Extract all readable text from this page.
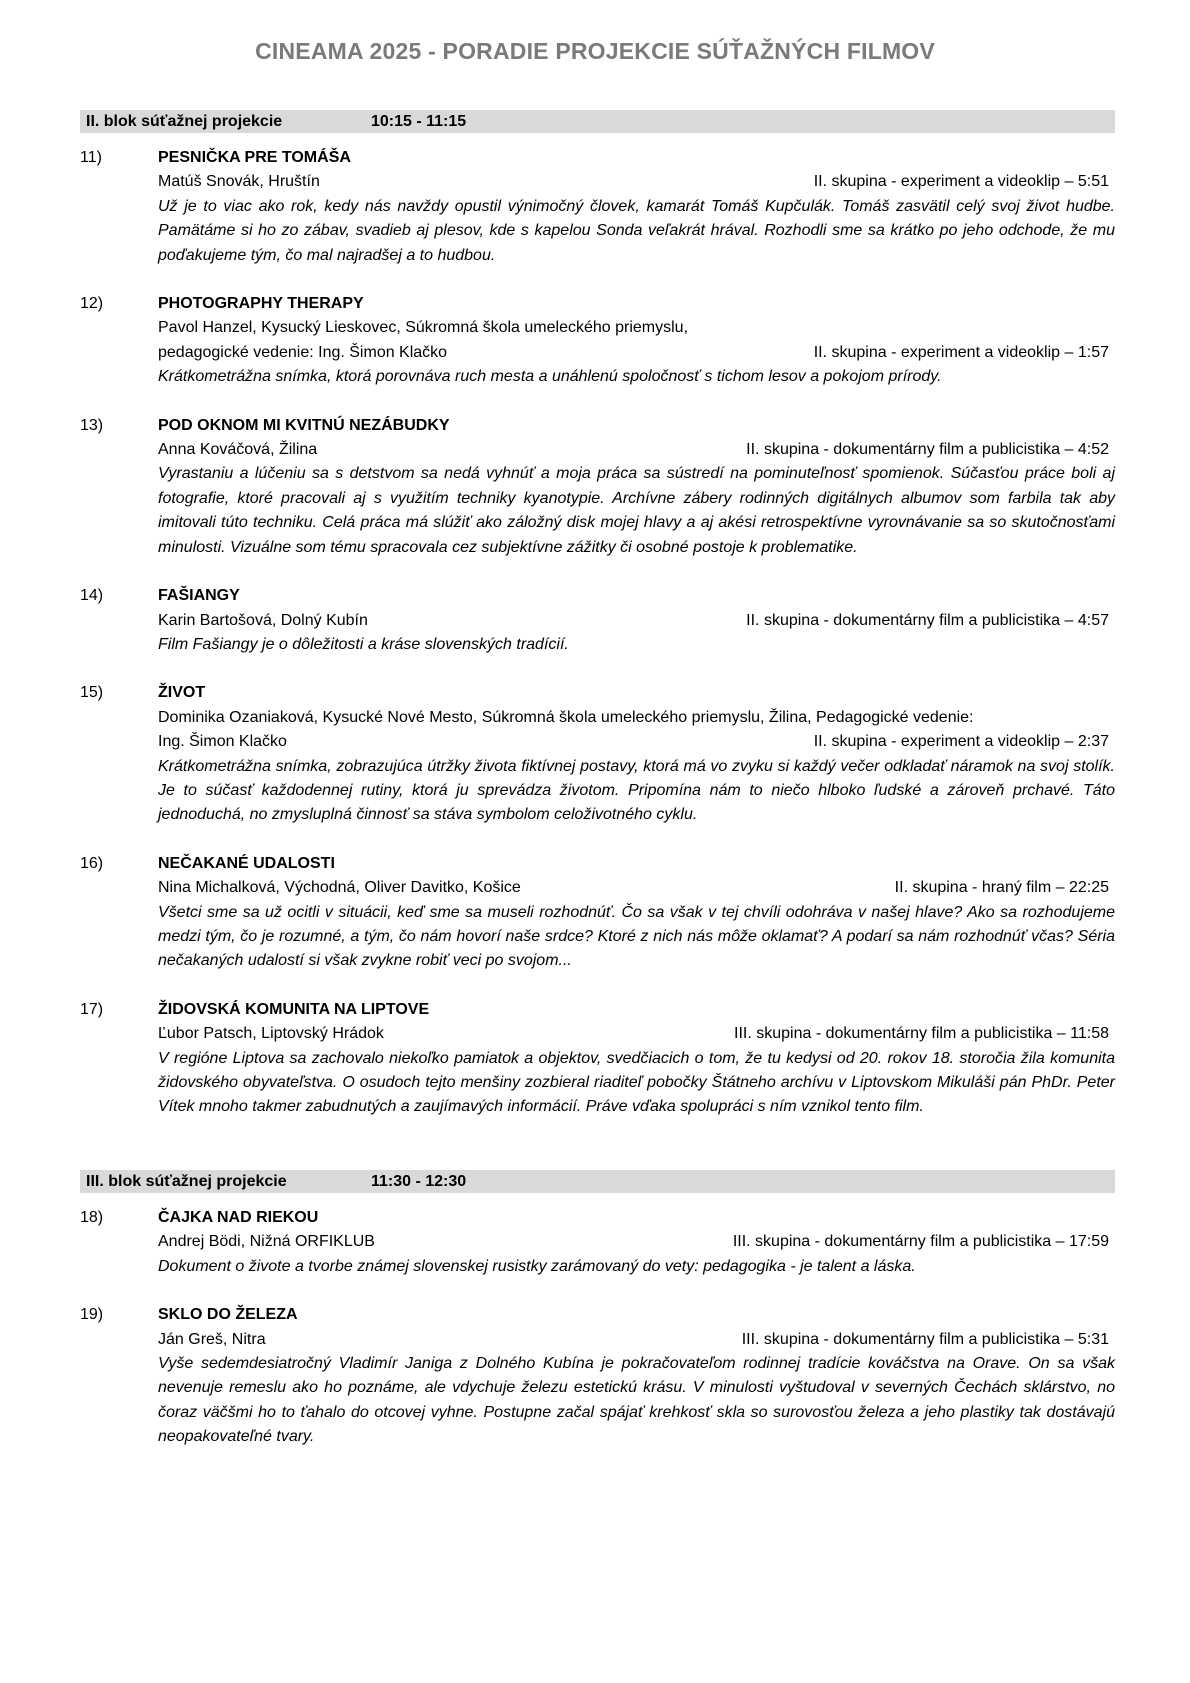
CINEAMA 2025 - PORADIE PROJEKCIE SÚŤAŽNÝCH FILMOV
II. blok súťažnej projekcie	10:15 - 11:15
11)	PESNIČKA PRE TOMÁŠA
Matúš Snovák, Hruštín	II. skupina - experiment a videoklip – 5:51
Už je to viac ako rok, kedy nás navždy opustil výnimočný človek, kamarát Tomáš Kupčulák. Tomáš zasvätil celý svoj život hudbe. Pamätáme si ho zo zábav, svadieb aj plesov, kde s kapelou Sonda veľakrát hrával. Rozhodli sme sa krátko po jeho odchode, že mu poďakujeme tým, čo mal najradšej a to hudbou.
12)	PHOTOGRAPHY THERAPY
Pavol Hanzel, Kysucký Lieskovec, Súkromná škola umeleckého priemyslu,
pedagogické vedenie: Ing. Šimon Klačko	II. skupina - experiment a videoklip – 1:57
Krátkometrážna snímka, ktorá porovnáva ruch mesta a unáhlenú spoločnosť s tichom lesov a pokojom prírody.
13)	POD OKNOM MI KVITNÚ NEZÁBUDKY
Anna Kováčová, Žilina	II. skupina - dokumentárny film a publicistika – 4:52
Vyrastaniu a lúčeniu sa s detstvom sa nedá vyhnúť a moja práca sa sústredí na pominuteľnosť spomienok. Súčasťou práce boli aj fotografie, ktoré pracovali aj s využitím techniky kyanotypie. Archívne zábery rodinných digitálnych albumov som farbila tak aby imitovali túto techniku. Celá práca má slúžiť ako záložný disk mojej hlavy a aj akési retrospektívne vyrovnávanie sa so skutočnosťami minulosti. Vizuálne som tému spracovala cez subjektívne zážitky či osobné postoje k problematike.
14)	FAŠIANGY
Karin Bartošová, Dolný Kubín	II. skupina - dokumentárny film a publicistika – 4:57
Film Fašiangy je o dôležitosti a kráse slovenských tradícií.
15)	ŽIVOT
Dominika Ozaniaková, Kysucké Nové Mesto, Súkromná škola umeleckého priemyslu, Žilina, Pedagogické vedenie:
Ing. Šimon Klačko	II. skupina - experiment a videoklip – 2:37
Krátkometrážna snímka, zobrazujúca útržky života fiktívnej postavy, ktorá má vo zvyku si každý večer odkladať náramok na svoj stolík. Je to súčasť každodennej rutiny, ktorá ju sprevádza životom. Pripomína nám to niečo hlboko ľudské a zároveň prchavé. Táto jednoduchá, no zmysluplná činnosť sa stáva symbolom celoživotného cyklu.
16)	NEČAKANÉ UDALOSTI
Nina Michalková, Východná, Oliver Davitko, Košice	II. skupina - hraný film – 22:25
Všetci sme sa už ocitli v situácii, keď sme sa museli rozhodnúť. Čo sa však v tej chvíli odohráva v našej hlave? Ako sa rozhodujeme medzi tým, čo je rozumné, a tým, čo nám hovorí naše srdce? Ktoré z nich nás môže oklamať? A podarí sa nám rozhodnúť včas? Séria nečakaných udalostí si však zvykne robiť veci po svojom...
17)	ŽIDOVSKÁ KOMUNITA NA LIPTOVE
Ľubor Patsch, Liptovský Hrádok	III. skupina - dokumentárny film a publicistika – 11:58
V regióne Liptova sa zachovalo niekoľko pamiatok a objektov, svedčiacich o tom, že tu kedysi od 20. rokov 18. storočia žila komunita židovského obyvateľstva. O osudoch tejto menšiny zozbieral riaditeľ pobočky Štátneho archívu v Liptovskom Mikuláši pán PhDr. Peter Vítek mnoho takmer zabudnutých a zaujímavých informácií. Práve vďaka spolupráci s ním vznikol tento film.
III. blok súťažnej projekcie	11:30 - 12:30
18)	ČAJKA NAD RIEKOU
Andrej Bödi, Nižná ORFIKLUB	III. skupina - dokumentárny film a publicistika – 17:59
Dokument o živote a tvorbe známej slovenskej rusistky zarámovaný do vety: pedagogika - je talent a láska.
19)	SKLO DO ŽELEZA
Ján Greš, Nitra	III. skupina - dokumentárny film a publicistika – 5:31
Vyše sedemdesiatročný Vladimír Janiga z Dolného Kubína je pokračovateľom rodinnej tradície kováčstva na Orave. On sa však nevenuje remeslu ako ho poznáme, ale vdychuje železu estetickú krásu. V minulosti vyštudoval v severných Čechách sklárstvo, no čoraz väčšmi ho to ťahalo do otcovej vyhne. Postupne začal spájať krehkosť skla so surovosťou železa a jeho plastiky tak dostávajú neopakovateľné tvary.
